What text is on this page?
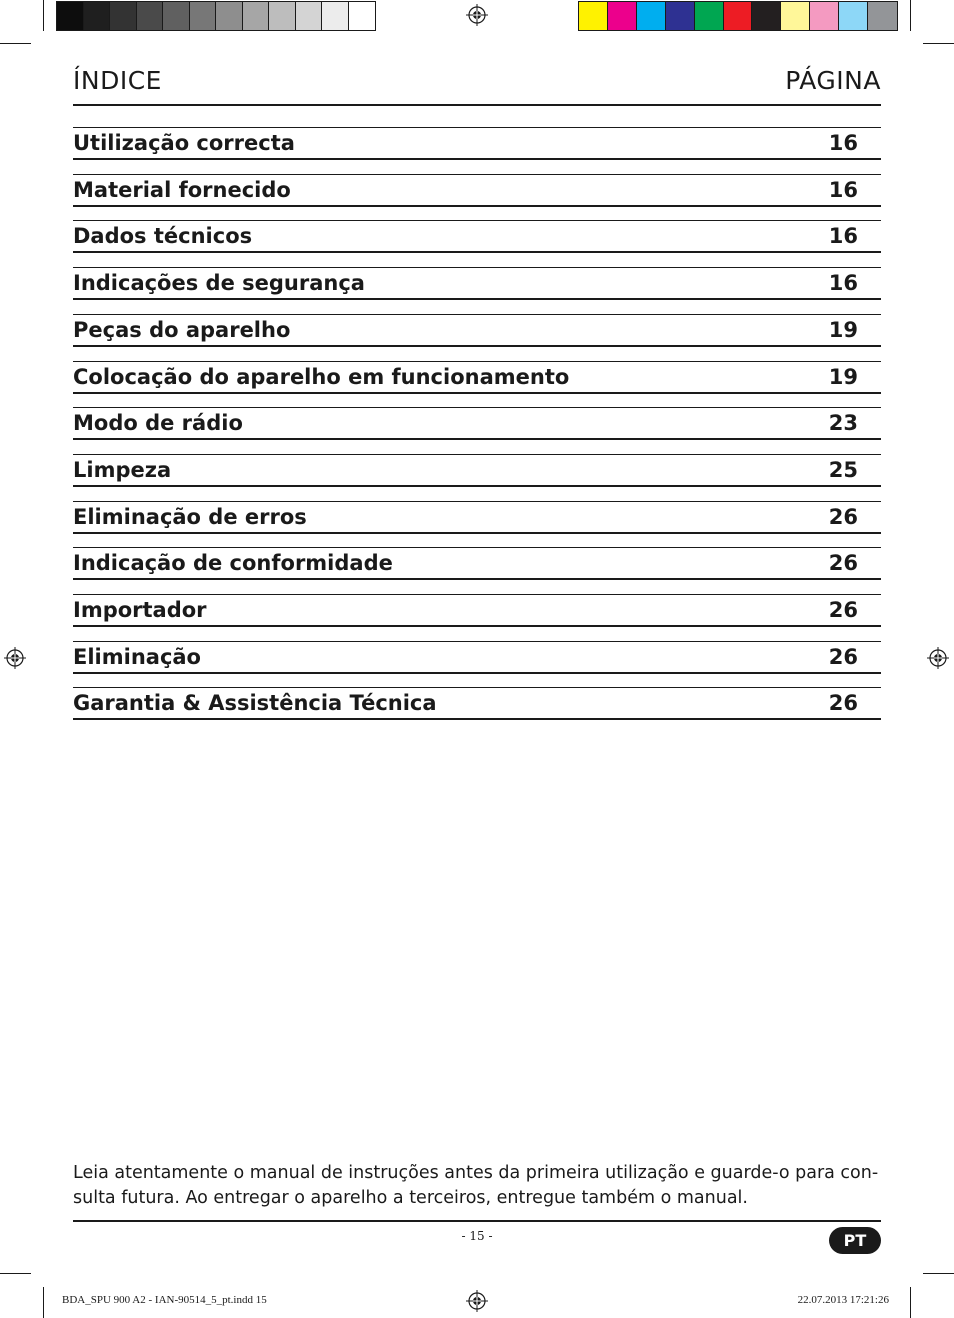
ÍNDICE	PÁGINA
Utilização correcta	16
Material fornecido	16
Dados técnicos	16
Indicações de segurança	16
Peças do aparelho	19
Colocação do aparelho em funcionamento	19
Modo de rádio	23
Limpeza	25
Eliminação de erros	26
Indicação de conformidade	26
Importador	26
Eliminação	26
Garantia & Assistência Técnica	26
Leia atentamente o manual de instruções antes da primeira utilização e guarde-o para con-
sulta futura. Ao entregar o aparelho a terceiros, entregue também o manual.
- 15 -	PT
BDA_SPU 900 A2 - IAN-90514_5_pt.indd 15	22.07.2013 17:21:26
